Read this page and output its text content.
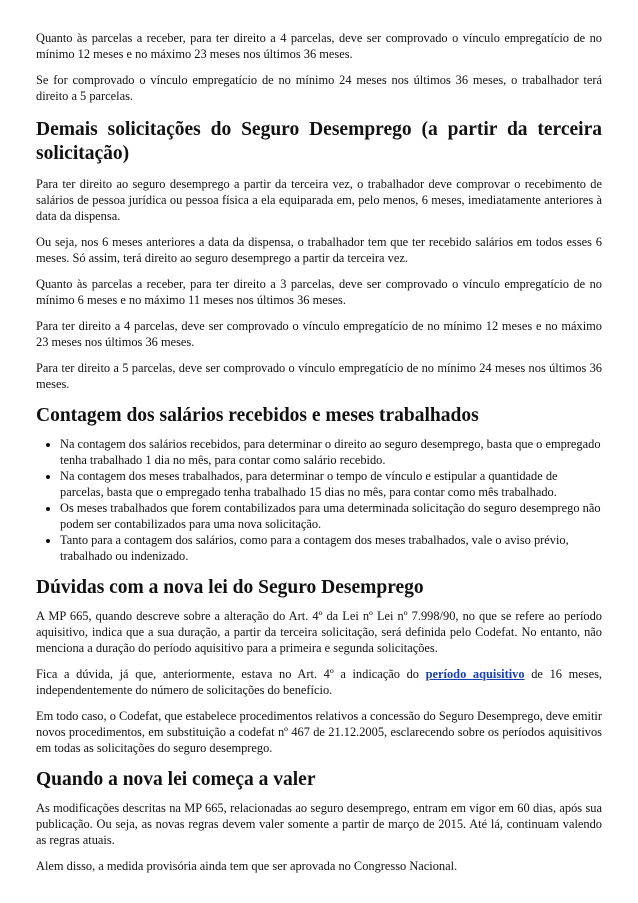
Quanto às parcelas a receber, para ter direito a 4 parcelas, deve ser comprovado o vínculo empregatício de no mínimo 12 meses e no máximo 23 meses nos últimos 36 meses.

Se for comprovado o vínculo empregatício de no mínimo 24 meses nos últimos 36 meses, o trabalhador terá direito a 5 parcelas.

Demais solicitações do Seguro Desemprego (a partir da terceira solicitação)

Para ter direito ao seguro desemprego a partir da terceira vez, o trabalhador deve comprovar o recebimento de salários de pessoa jurídica ou pessoa física a ela equiparada em, pelo menos, 6 meses, imediatamente anteriores à data da dispensa.

Ou seja, nos 6 meses anteriores a data da dispensa, o trabalhador tem que ter recebido salários em todos esses 6 meses. Só assim, terá direito ao seguro desemprego a partir da terceira vez.

Quanto às parcelas a receber, para ter direito a 3 parcelas, deve ser comprovado o vínculo empregatício de no mínimo 6 meses e no máximo 11 meses nos últimos 36 meses.

Para ter direito a 4 parcelas, deve ser comprovado o vínculo empregatício de no mínimo 12 meses e no máximo 23 meses nos últimos 36 meses.

Para ter direito a 5 parcelas, deve ser comprovado o vínculo empregatício de no mínimo 24 meses nos últimos 36 meses.

Contagem dos salários recebidos e meses trabalhados
• Na contagem dos salários recebidos, para determinar o direito ao seguro desemprego, basta que o empregado tenha trabalhado 1 dia no mês, para contar como salário recebido.
• Na contagem dos meses trabalhados, para determinar o tempo de vínculo e estipular a quantidade de parcelas, basta que o empregado tenha trabalhado 15 dias no mês, para contar como mês trabalhado.
• Os meses trabalhados que forem contabilizados para uma determinada solicitação do seguro desemprego não podem ser contabilizados para uma nova solicitação.
• Tanto para a contagem dos salários, como para a contagem dos meses trabalhados, vale o aviso prévio, trabalhado ou indenizado.
Dúvidas com a nova lei do Seguro Desemprego

A MP 665, quando descreve sobre a alteração do Art. 4º da Lei nº Lei nº 7.998/90, no que se refere ao período aquisitivo, indica que a sua duração, a partir da terceira solicitação, será definida pelo Codefat. No entanto, não menciona a duração do período aquisitivo para a primeira e segunda solicitações.

Fica a dúvida, já que, anteriormente, estava no Art. 4º a indicação do período aquisitivo de 16 meses, independentemente do número de solicitações do benefício.

Em todo caso, o Codefat, que estabelece procedimentos relativos a concessão do Seguro Desemprego, deve emitir novos procedimentos, em substituição a codefat nº 467 de 21.12.2005, esclarecendo sobre os períodos aquisitivos em todas as solicitações do seguro desemprego.

Quando a nova lei começa a valer

As modificações descritas na MP 665, relacionadas ao seguro desemprego, entram em vigor em 60 dias, após sua publicação. Ou seja, as novas regras devem valer somente a partir de março de 2015. Até lá, continuam valendo as regras atuais.

Alem disso, a medida provisória ainda tem que ser aprovada no Congresso Nacional.
